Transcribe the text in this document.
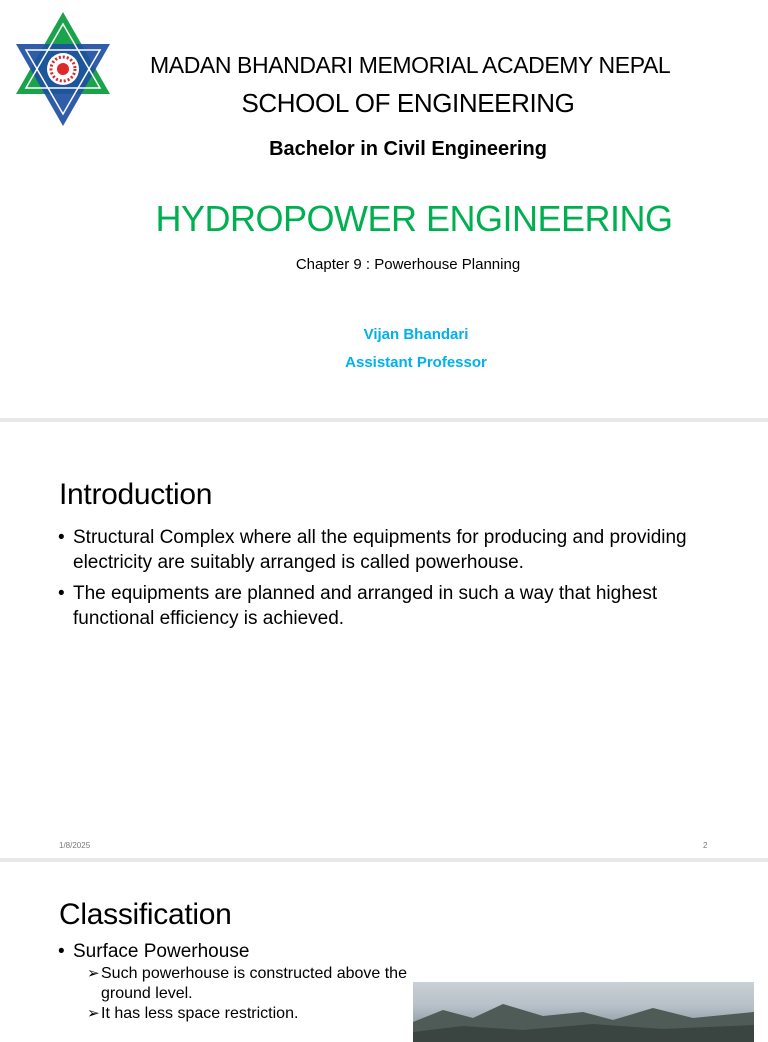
MADAN BHANDARI MEMORIAL ACADEMY NEPAL
SCHOOL OF ENGINEERING
Bachelor in Civil Engineering
HYDROPOWER ENGINEERING
Chapter 9 : Powerhouse Planning
Vijan Bhandari
Assistant Professor
Introduction
• Structural Complex where all the equipments for producing and providing electricity are suitably arranged is called powerhouse.
• The equipments are planned and arranged in such a way that highest functional efficiency is achieved.
1/8/2025	2
Classification
• Surface Powerhouse
➢ Such powerhouse is constructed above the ground level.
➢ It has less space restriction.
